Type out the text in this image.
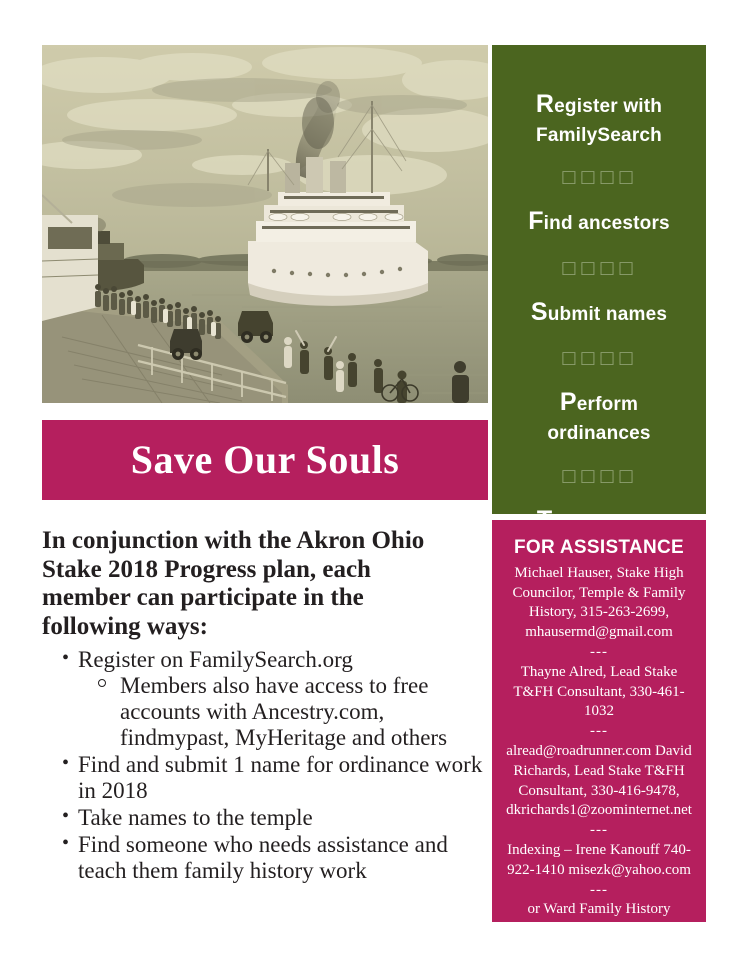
Save Our Souls

In conjunction with the Akron Ohio Stake 2018 Progress plan, each member can participate in the following ways:

• Register on FamilySearch.org
Members also have access to free accounts with Ancestry.com, findmypast, MyHeritage and others
• Find and submit 1 name for ordinance work in 2018
• Take names to the temple
• Find someone who needs assistance and teach them family history work
Register with FamilySearch
□□□□
Find ancestors
□□□□
Submit names
□□□□
Perform ordinances
□□□□
FOR ASSISTANCE
Michael Hauser, Stake High Councilor, Temple & Family History, 315-263-2699, mhausermd@gmail.com
---
Thayne Alred, Lead Stake T&FH Consultant, 330-461-1032
---
alread@roadrunner.com David Richards, Lead Stake T&FH Consultant, 330-416-9478, dkrichards1@zoominternet.net
---
Indexing – Irene Kanouff 740-922-1410 misezk@yahoo.com
---
or Ward Family History Leaders
